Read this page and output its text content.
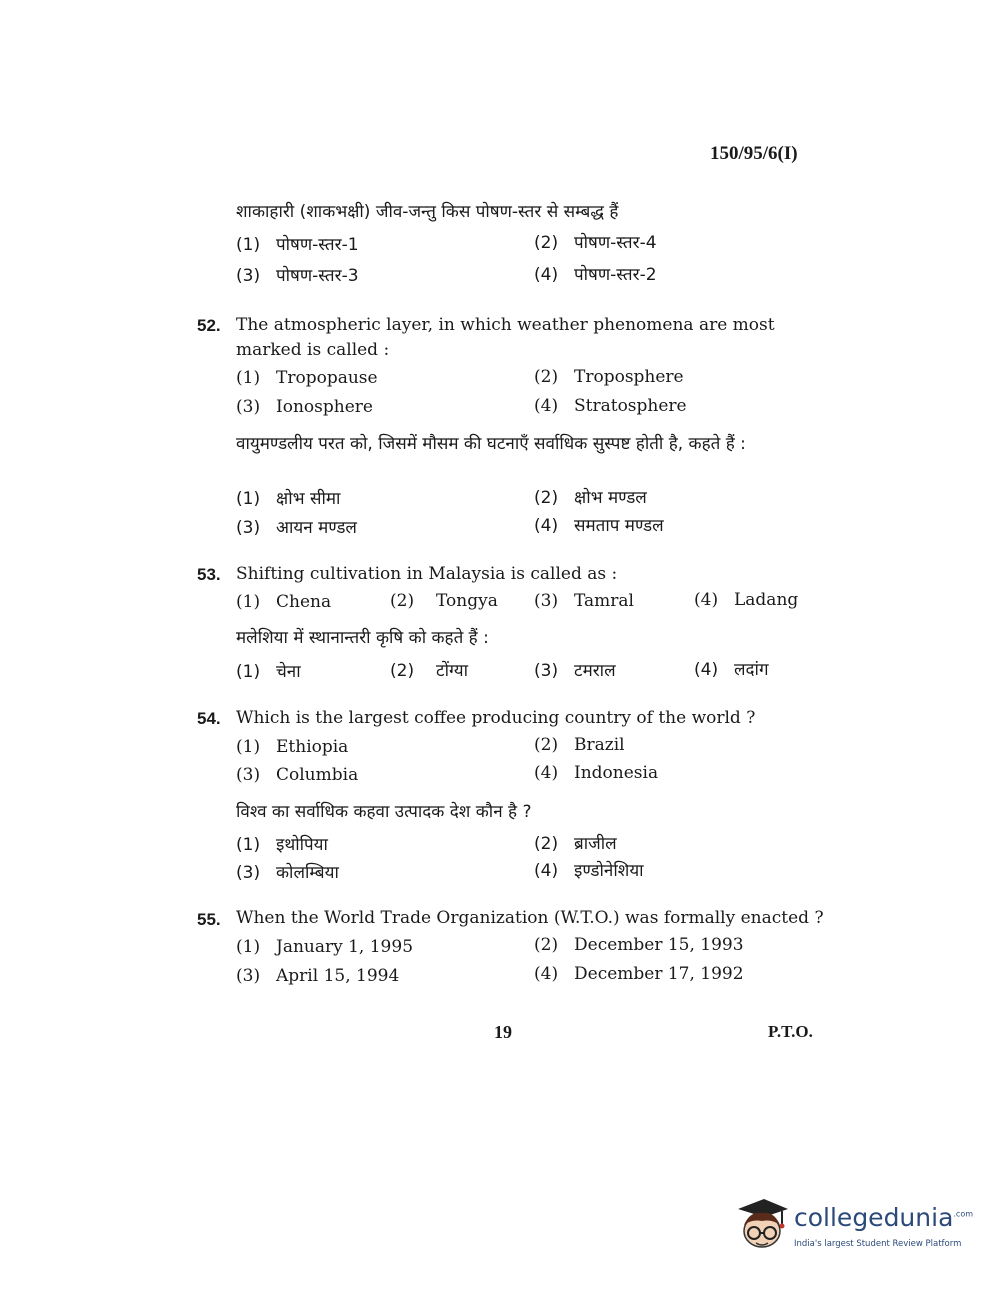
150/95/6(I)
शाकाहारी (शाकभक्षी) जीव-जन्तु किस पोषण-स्तर से सम्बद्ध हैं
(1) पोषण-स्तर-1	(2) पोषण-स्तर-4
(3) पोषण-स्तर-3	(4) पोषण-स्तर-2
52. The atmospheric layer, in which weather phenomena are most marked is called :
(1) Tropopause	(2) Troposphere
(3) Ionosphere	(4) Stratosphere
वायुमण्डलीय परत को, जिसमें मौसम की घटनाएँ सर्वाधिक सुस्पष्ट होती है, कहते हैं :
(1) क्षोभ सीमा	(2) क्षोभ मण्डल
(3) आयन मण्डल	(4) समताप मण्डल
53. Shifting cultivation in Malaysia is called as :
(1) Chena	(2) Tongya (3) Tamral	(4) Ladang
मलेशिया में स्थानान्तरी कृषि को कहते हैं :
(1) चेना	(2) टोंग्या	(3) टमराल	(4) लदांग
54. Which is the largest coffee producing country of the world ?
(1) Ethiopia	(2) Brazil
(3) Columbia	(4) Indonesia
विश्व का सर्वाधिक कहवा उत्पादक देश कौन है ?
(1) इथोपिया	(2) ब्राजील
(3) कोलम्बिया	(4) इण्डोनेशिया
55. When the World Trade Organization (W.T.O.) was formally enacted ?
(1) January 1, 1995	(2) December 15, 1993
(3) April 15, 1994	(4) December 17, 1992
19	P.T.O.
collegedunia$^{.com}$
India's largest Student Review Platform
